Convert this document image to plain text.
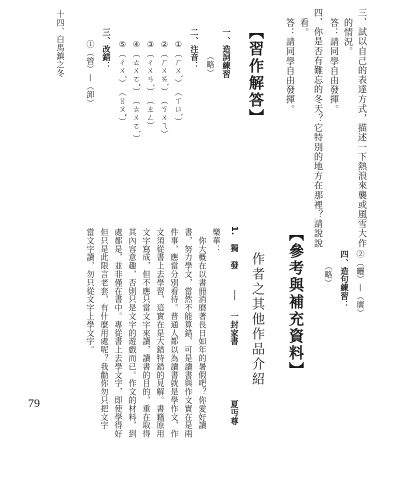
三、試以自己的表達方式，描述一下熱浪來襲或風雪大作
的情況。
答：請同學自由發揮。
四、你是否有難忘的冬天？它特別的地方在那裡？請說說
看。
答：請同學自由發揮。
【習作解答】
一、造詞練習
（略）
二、注音：
①（ㄏㄨˋ）　（ㄒㄩˋ）
②（ㄏㄨㄞˋ）　（ㄎㄨㄟ）
③（ㄔㄨㄢˊ）　（ㄓㄥ）
④（ㄊㄨㄛˇ）　（ㄊㄨㄛˋ）
⑤（ㄔㄨˊ）　（ㄖㄡˇ）
三、改錯：
①（管）—（卸）
十四、白馬鎮之冬
②（曬）—（廣）
四、造句練習：
（略）
【參考與補充資料】
作者之其他作品介紹
1.
獨　發
──
一封家書
夏丏尊
樂華：
　你大概在以書冊消磨著長日如年的暑假吧？你愛好讀
書，努力學文，當然不能算錯，可是讀書與作文實在是兩
件事，應當分別看待。普通人都以為讀書就是學作文，作
文須從書上去學習，這實在是大錯特錯的見解。書籍原用
文字寫成，但不應只當文字來讀，讀書的目的，重在取得
其內容意趣，否則只是文字的遊戲而已。作文的材料，到
處都是，並非僅在書中。專從書上去學文字，即使學得好
但只是此限言老套，有什麼用處呢？我勸你勿只把文字
當文字讀，勿只從文字上學文字。
79
